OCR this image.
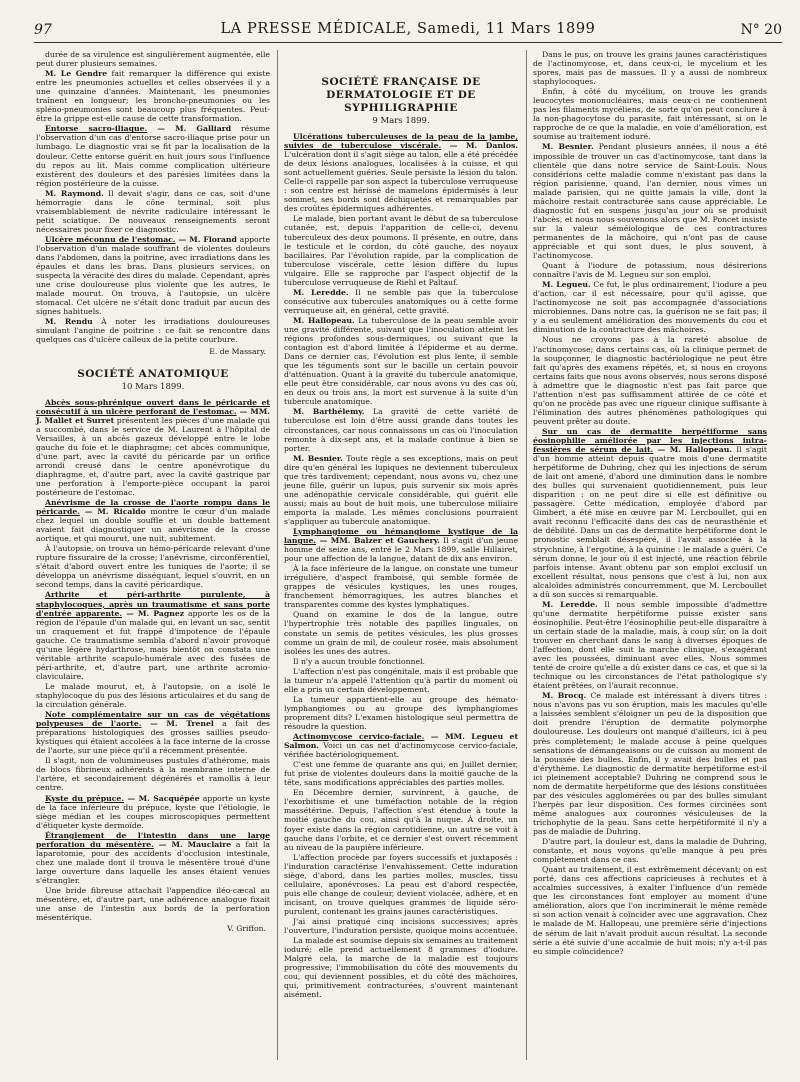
97	LA PRESSE MÉDICALE, Samedi, 11 Mars 1899	N° 20

durée de sa virulence est singulièrement augmentée, elle peut durer plusieurs semaines.

M. Le Gendre fait remarquer la différence qui existe entre les pneumonies actuelles et celles observées il y a une quinzaine d'années. Maintenant, les pneumonies traînent en longueur; les broncho-pneumonies ou les spléno-pneumonies sont beaucoup plus fréquentes. Peut-être la grippe est-elle cause de cette transformation.

Entorse sacro-iliaque. — M. Galliard résume l'observation d'un cas d'entorse sacro-iliaque prise pour un lumbago. Le diagnostic vrai se fit par la localisation de la douleur. Cette entorse guérit en huit jours sous l'influence du repos au lit. Mais comme complication ultérieure existèrent des douleurs et des parésies limitées dans la région postérieure de la cuisse.

M. Raymond. Il devait s'agir, dans ce cas, soit d'une hémorragie dans le cône terminal, soit plus vraisemblablement de névrite radiculaire intéressant le petit sciatique. De nouveaux renseignements seront nécessaires pour fixer ce diagnostic.

Ulcère méconnu de l'estomac. — M. Florand apporte l'observation d'un malade souffrant de violentes douleurs dans l'abdomen, dans la poitrine, avec irradiations dans les épaules et dans les bras. Dans plusieurs services, on suspecta la véracité des dires du malade. Cependant, après une crise douloureuse plus violente que les autres, le malade mourut. On trouva, à l'autopsie, un ulcère stomacal. Cet ulcère ne s'était donc traduit par aucun des signes habituels.

M. Rendu À noter les irradiations douloureuses simulant l'angine de poitrine : ce fait se rencontre dans quelques cas d'ulcère calleux de la petite courbure.

E. de Massary.
SOCIÉTÉ ANATOMIQUE
10 Mars 1899.

Abcès sous-phrénique ouvert dans le péricarde et consécutif à un ulcère perforant de l'estomac. — MM. J. Mallet et Surret présentent les pièces d'une malade qui a succombé, dans le service de M. Laurent à l'hôpital de Versailles, à un abcès gazeux développé entre le lobe gauche du foie et le diaphragme; cet abcès communique, d'une part, avec la cavité du péricarde par un orifice arrondi creusé dans le centre aponévrotique du diaphragme, et, d'autre part, avec la cavité gastrique par une perforation à l'emporte-pièce occupant la paroi postérieure de l'estomac.

Anévrisme de la crosse de l'aorte rompu dans le péricarde. — M. Ricaldo montre le cœur d'un malade chez lequel un double souffle et un double battement avaient fait diagnostiquer un anévrisme de la crosse aortique, et qui mourut, une nuit, subitement.

À l'autopsie, on trouva un hémo-péricarde relevant d'une rupture fissuraire de la crosse; l'anévrisme, circonférentiel, s'était d'abord ouvert entre les tuniques de l'aorte; il se développa un anévrisme disséquant, lequel s'ouvrit, en un second temps, dans la cavité péricardique.

Arthrite et péri-arthrite purulente, à staphylocoques, après un traumatisme et sans porte d'entrée apparente. — M. Pagnez apporte les os de la région de l'épaule d'un malade qui, en levant un sac, sentit un craquement et fut frappé d'impotence de l'épaule gauche. Ce traumatisme sembla d'abord n'avoir provoqué qu'une légère hydarthrose, mais bientôt on constata une véritable arthrite scapulo-humérale avec des fusées de péri-arthrite, et, d'autre part, une arthrite acromio-claviculaire.

Le malade mourut, et, à l'autopsie, on a isolé le staphylocoque du pus des lésions articulaires et du sang de la circulation générale.

Note complémentaire sur un cas de végétations polypeuses de l'aorte. — M. Trenel a fait des préparations histologiques des grosses saillies pseudo-kystiques qui étaient accolées à la face interne de la crosse de l'aorte, sur une pièce qu'il a récemment présentée.

Il s'agit, non de volumineuses pustules d'athérome, mais de blocs fibrineux adhérents à la membrane interne de l'artère, et secondairement dégénérés et ramollis à leur centre.

Kyste du prépuce. — M. Sacquépée apporte un kyste de la face inférieure du prépuce, kyste que l'étiologie, le siège médian et les coupes microscopiques permettent d'étiqueter kyste dermoïde.

Étranglement de l'intestin dans une large perforation du mésentère. — M. Mauclaire a fait la laparotomie, pour des accidents d'occlusion intestinale, chez une malade dont il trouva le mésentère troué d'une large ouverture dans laquelle les anses étaient venues s'étrangler.

Une bride fibreuse attachait l'appendice iléo-cæcal au mésentère, et, d'autre part, une adhérence analogue fixait une anse de l'intestin aux bords de la perforation mésentérique.

V. Griffon.
SOCIÉTÉ FRANÇAISE DE DERMATOLOGIE ET DE SYPHILIGRAPHIE
9 Mars 1899.

Ulcérations tuberculeuses de la peau de la jambe, suivies de tuberculose viscérale. — M. Danlos. L'ulcération dont il s'agit siège au talon, elle a été précédée de deux lésions analogues, localisées à la cuisse, et qui sont actuellement guéries. Seule persiste la lésion du talon. Celle-ci rappelle par son aspect la tuberculose verruqueuse : son centre est hérissé de mamelons épidermisés à leur sommet, ses bords sont déchiquetés et remarquables par des croûtes épidermiques adhérentes.

Le malade, bien portant avant le début de sa tuberculose cutanée, est, depuis l'apparition de celle-ci, devenu tuberculeux des deux poumons. Il présente, en outre, dans le testicule et le cordon, du côté gauche, des noyaux bacillaires. Par l'évolution rapide, par la complication de tuberculose viscérale, cette lésion diffère du lupus vulgaire. Elle se rapproche par l'aspect objectif de la tuberculose verruqueuse de Riehl et Paltauf.

M. Leredde. Il ne semble pas que la tuberculose consécutive aux tubercules anatomiques ou à cette forme verruqueuse ait, en général, cette gravité.

M. Hallopeau. La tuberculose de la peau semble avoir une gravité différente, suivant que l'inoculation atteint les régions profondes sous-dermiques, ou suivant que la contagion est d'abord limitée à l'épiderme et au derme. Dans ce dernier cas, l'évolution est plus lente, il semble que les téguments sont sur le bacille un certain pouvoir d'atténuation. Quant à la gravité du tubercule anatomique, elle peut être considérable, car nous avons vu des cas où, en deux ou trois ans, la mort est survenue à la suite d'un tubercule anatomique.

M. Barthélemy. La gravité de cette variété de tuberculose est loin d'être aussi grande dans toutes les circonstances, car nous connaissons un cas où l'inoculation remonte à dix-sept ans, et la malade continue à bien se porter.

M. Besnier. Toute règle a ses exceptions, mais on peut dire qu'en général les lupiques ne deviennent tuberculeux que très tardivement; cependant, nous avons vu, chez une jeune fille, guérir un lupus, puis survenir six mois après une adénopathie cervicale considérable, qui guérit elle aussi; mais au bout de huit mois, une tuberculose miliaire emporta la malade. Les mêmes conclusions pourraient s'appliquer au tubercule anatomique.

Lymphangiome ou hémangiome kystique de la langue. — MM. Balzer et Gauchery. Il s'agit d'un jeune homme de seize ans, entré le 2 Mars 1899, salle Hillairet, pour une affection de la langue, datant de dix ans environ.

À la face inférieure de la langue, on constate une tumeur irrégulière, d'aspect framboisé, qui semble formée de grappes de vésicules kystiques, les unes rouges, franchement hémorragiques, les autres blanches et transparentes comme des kystes lymphatiques.

Quand on examine le dos de la langue, outre l'hypertrophie très notable des papilles linguales, on constate un semis de petites vésicules, les plus grosses comme un grain de mil, de couleur rosée, mais absolument isolées les unes des autres.

Il n'y a aucun trouble fonctionnel.

L'affection n'est pas congénitale, mais il est probable que la tumeur n'a appelé l'attention qu'à partir du moment où elle a pris un certain développement.

La tumeur appartient-elle au groupe des hémato-lymphangiomes ou au groupe des lymphangiomes proprement dits? L'examen histologique seul permettra de résoudre la question.

Actinomycose cervico-faciale. — MM. Legueu et Salmon. Voici un cas net d'actinomycose cervico-faciale, vérifiée bactériologiquement.

C'est une femme de quarante ans qui, en Juillet dernier, fut prise de violentes douleurs dans la moitié gauche de la tête, sans modifications appréciables des parties molles.

En Décembre dernier, survinrent, à gauche, de l'exorbitisme et une tuméfaction notable de la région massétérine. Depuis, l'affection s'est étendue à toute la moitié gauche du cou, ainsi qu'à la nuque. À droite, un foyer existe dans la région carotidienne, un autre se voit à gauche dans l'orbite, et ce dernier s'est ouvert récemment au niveau de la paupière inférieure.

L'affection procède par foyers successifs et juxtaposés : l'induration caractérise l'envahissement. Cette induration siège, d'abord, dans les parties molles, muscles, tissu cellulaire, aponévroses. La peau est d'abord respectée, puis elle change de couleur, devient violacée, adhère, et en incisant, on trouve quelques grammes de liquide séro-purulent, contenant les grains jaunes caractéristiques.

J'ai ainsi pratiqué cinq incisions successives; après l'ouverture, l'induration persiste, quoique moins accentuée.

La malade est soumise depuis six semaines au traitement ioduré; elle prend actuellement 8 grammes d'iodure. Malgré cela, la marche de la maladie est toujours progressive; l'immobilisation du côté des mouvements du cou, qui deviennent possibles, et du côté des mâchoires, qui, primitivement contracturées, s'ouvrent maintenant aisément.

Dans le pus, on trouve les grains jaunes caractéristiques de l'actinomycose, et, dans ceux-ci, le mycelium et les spores, mais pas de massues. Il y a aussi de nombreux staphylocoques.

Enfin, à côté du mycélium, on trouve les grands leucocytes mononucléaires, mais ceux-ci ne contiennent pas les filaments mycéliens, de sorte qu'on peut conclure à la non-phagocytose du parasite, fait intéressant, si on le rapproche de ce que la maladie, en voie d'amélioration, est soumise au traitement ioduré.

M. Besnier. Pendant plusieurs années, il nous a été impossible de trouver un cas d'actinomycose, tant dans la clientèle que dans notre service de Saint-Louis. Nous considérions cette maladie comme n'existant pas dans la région parisienne, quand, l'an dernier, nous vîmes un malade parisien, qui ne quitte jamais la ville, dont la mâchoire restait contracturée sans cause appréciable. Le diagnostic fut en suspens jusqu'au jour où se produisit l'abcès, et nous nous souvenons alors que M. Poncet insiste sur la valeur séméiologique de ces contractures permanentes de la mâchoire, qui n'ont pas de cause appréciable et qui sont dues, le plus souvent, à l'actinomycose.

Quant à l'iodure de potassium, nous désirerions connaître l'avis de M. Legueu sur son emploi.

M. Legueu. Ce fut, le plus ordinairement, l'iodure a peu d'action, car il est nécessaire, pour qu'il agisse, que l'actinomycose ne soit pas accompagnée d'associations microbiennes. Dans notre cas, la guérison ne se fait pas; il y a eu seulement amélioration des mouvements du cou et diminution de la contracture des mâchoires.

Nous ne croyons pas à la rareté absolue de l'actinomycose; dans certains cas, où la clinique permet de la soupçonner, le diagnostic bactériologique ne peut être fait qu'après des examens répétés, et, si nous en croyons certains faits que nous avons observés, nous serons disposé à admettre que le diagnostic n'est pas fait parce que l'attention n'est pas suffisamment attirée de ce côté et qu'on ne procède pas avec une rigueur clinique suffisante à l'élimination des autres phénomènes pathologiques qui peuvent prêter au doute.

Sur un cas de dermatite herpétiforme sans éosinophilie améliorée par les injections intra-fessières de sérum de lait. — M. Hallopeau. Il s'agit d'un homme atteint depuis quatre mois d'une dermatite herpétiforme de Duhring, chez qui les injections de sérum de lait ont amené, d'abord une diminution dans le nombre des bulles qui survenaient quotidiennement, puis leur disparition : on ne peut dire si elle est définitive ou passagère. Cette médication, employée d'abord par Gimbert, a été mise en œuvre par M. Lercboullet, qui en avait reconnu l'efficacité dans des cas de neurasthénie et de débilité. Dans un cas de dermatite herpétiforme dont le pronostic semblait désespéré, il l'avait associée à la strychnine, à l'ergotine, à la quinine : le malade a guéri. Ce sérum donne, le jour où il est injecté, une réaction fébrile parfois intense. Avant obtenu par son emploi exclusif un excellent résultat, nous pensons que c'est à lui, non aux alcaloïdes administrés concurremment, que M. Lercboullet a dû son succès si remarquable.

M. Leredde. Il nous semble impossible d'admettre qu'une dermatite herpétiforme puisse exister sans éosinophilie. Peut-être l'éosinophilie peut-elle disparaître à un certain stade de la maladie, mais, à coup sûr, on la doit trouver en cherchant dans le sang à diverses époques de l'affection, dont elle suit la marche clinique, s'exagérant avec les poussées, diminuant avec elles. Nous sommes tenté de croire qu'elle a dû exister dans ce cas, et que si la technique ou les circonstances de l'état pathologique s'y étaient prêtées, on l'aurait reconnue.

M. Brocq. Ce malade est intéressant à divers titres : nous n'avons pas vu son éruption, mais les macules qu'elle a laissées semblent s'éloigner un peu de la disposition que doit prendre l'éruption de dermatite polymorphe douloureuse. Les douleurs ont manqué d'ailleurs, ici à peu près complètement; le malade accuse à peine quelques sensations de démangeaisons ou de cuisson au moment de la poussée des bulles. Enfin, il y avait des bulles et pas d'érythème. Le diagnostic de dermatite herpétiforme est-il ici pleinement acceptable? Duhring ne comprend sous le nom de dermatite herpétiforme que des lésions constituées par des vésicules agglomérées ou par des bulles simulant l'herpès par leur disposition. Ces formes circinées sont même analogues aux couronnes vésiculeuses de la trichophytie de la peau. Sans cette herpétiformité il n'y a pas de maladie de Duhring.

D'autre part, la douleur est, dans la maladie de Duhring, constante, et nous voyons qu'elle manque à peu près complètement dans ce cas.

Quant au traitement, il est extrêmement décevant; on est porté, dans ces affections capricieuses à rechutes et à accalmies successives, à exalter l'influence d'un remède que les circonstances font employer au moment d'une amélioration, alors que l'on incriminerait le même remède si son action venait à coïncider avec une aggravation. Chez le malade de M. Hallopeau, une première série d'injections de sérum de lait n'avait produit aucun résultat. La seconde série a été suivie d'une accalmie de huit mois; n'y a-t-il pas eu simple coïncidence?
